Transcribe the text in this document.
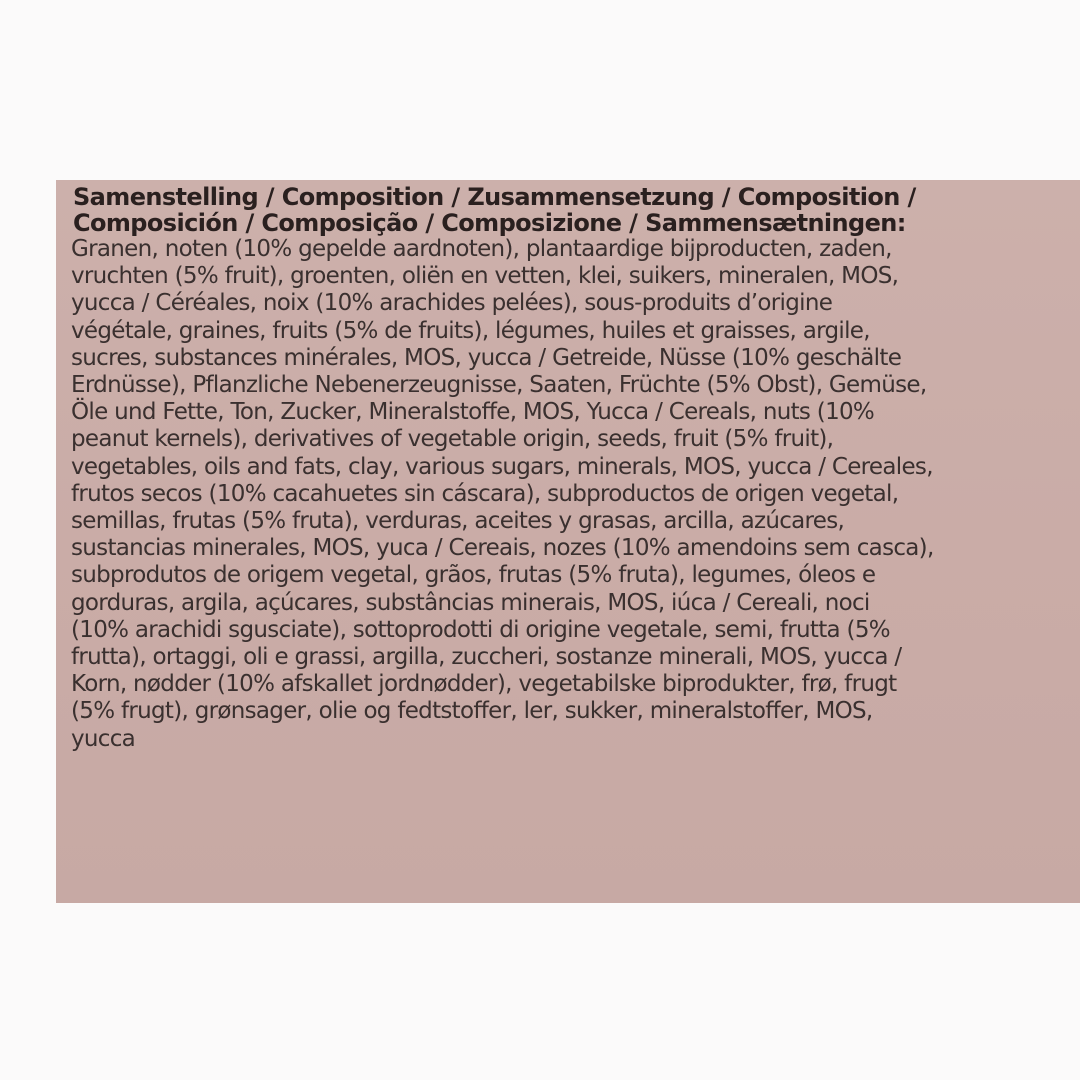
Samenstelling / Composition / Zusammensetzung / Composition /
Composición / Composição / Composizione / Sammensætningen:
Granen, noten (10% gepelde aardnoten), plantaardige bijproducten, zaden,
vruchten (5% fruit), groenten, oliën en vetten, klei, suikers, mineralen, MOS,
yucca / Céréales, noix (10% arachides pelées), sous-produits d’origine
végétale, graines, fruits (5% de fruits), légumes, huiles et graisses, argile,
sucres, substances minérales, MOS, yucca / Getreide, Nüsse (10% geschälte
Erdnüsse), Pflanzliche Nebenerzeugnisse, Saaten, Früchte (5% Obst), Gemüse,
Öle und Fette, Ton, Zucker, Mineralstoffe, MOS, Yucca / Cereals, nuts (10%
peanut kernels), derivatives of vegetable origin, seeds, fruit (5% fruit),
vegetables, oils and fats, clay, various sugars, minerals, MOS, yucca / Cereales,
frutos secos (10% cacahuetes sin cáscara), subproductos de origen vegetal,
semillas, frutas (5% fruta), verduras, aceites y grasas, arcilla, azúcares,
sustancias minerales, MOS, yuca / Cereais, nozes (10% amendoins sem casca),
subprodutos de origem vegetal, grãos, frutas (5% fruta), legumes, óleos e
gorduras, argila, açúcares, substâncias minerais, MOS, iúca / Cereali, noci
(10% arachidi sgusciate), sottoprodotti di origine vegetale, semi, frutta (5%
frutta), ortaggi, oli e grassi, argilla, zuccheri, sostanze minerali, MOS, yucca /
Korn, nødder (10% afskallet jordnødder), vegetabilske biprodukter, frø, frugt
(5% frugt), grønsager, olie og fedtstoffer, ler, sukker, mineralstoffer, MOS,
yucca
